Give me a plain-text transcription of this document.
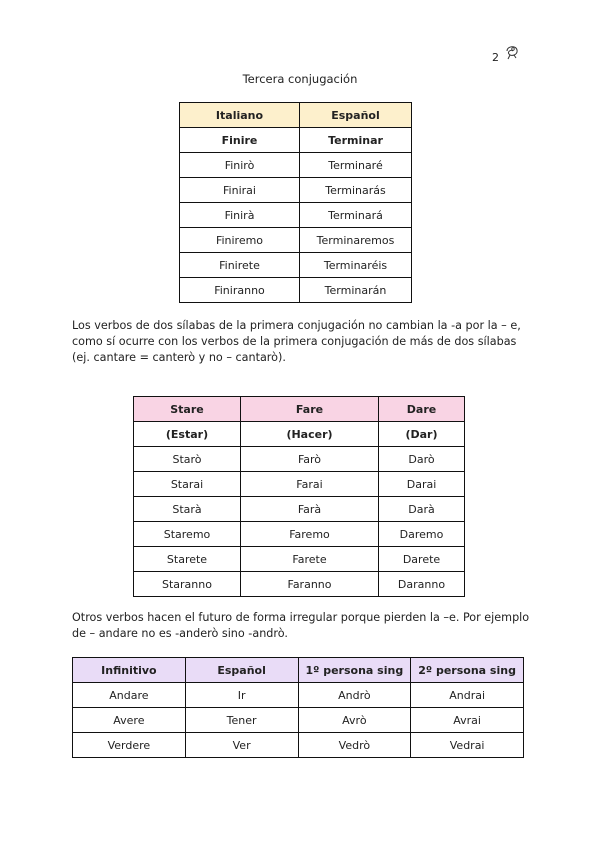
2
Tercera conjugación
Italiano	Español
Finire	Terminar
Finirò	Terminaré
Finirai	Terminarás
Finirà	Terminará
Finiremo	Terminaremos
Finirete	Terminaréis
Finiranno	Terminarán
Los verbos de dos sílabas de la primera conjugación no cambian la -a por la – e, como sí ocurre con los verbos de la primera conjugación de más de dos sílabas (ej. cantare = canterò y no – cantarò).
Stare	Fare	Dare
(Estar)	(Hacer)	(Dar)
Starò	Farò	Darò
Starai	Farai	Darai
Starà	Farà	Darà
Staremo	Faremo	Daremo
Starete	Farete	Darete
Staranno	Faranno	Daranno
Otros verbos hacen el futuro de forma irregular porque pierden la –e. Por ejemplo de – andare no es -anderò sino -andrò.
Infinitivo	Español	1º persona sing	2º persona sing
Andare	Ir	Andrò	Andrai
Avere	Tener	Avrò	Avrai
Verdere	Ver	Vedrò	Vedrai
